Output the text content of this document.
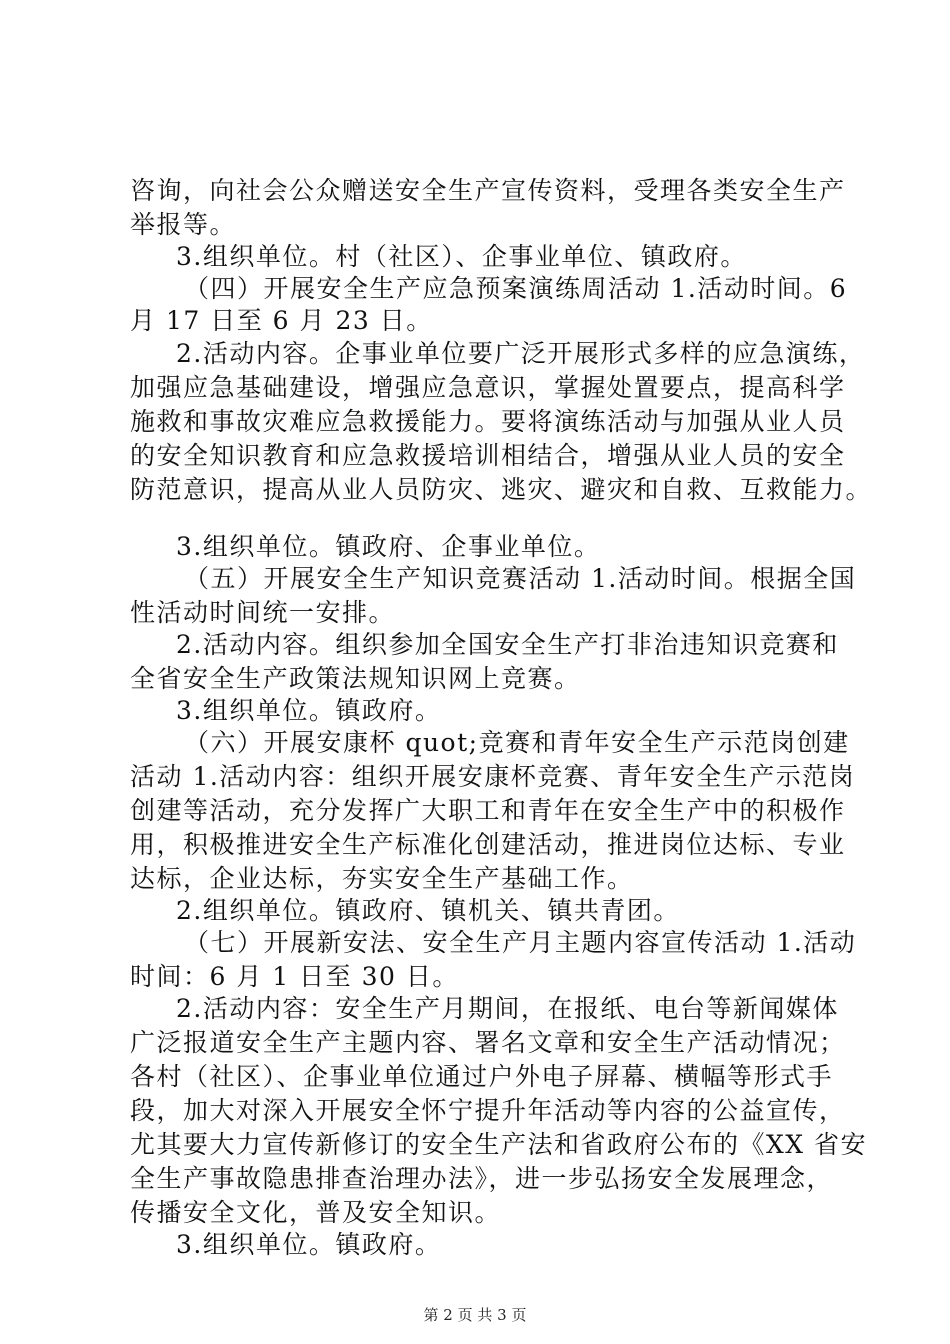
咨询，向社会公众赠送安全生产宣传资料，受理各类安全生产
举报等。
3.组织单位。村（社区）、企事业单位、镇政府。
（四）开展安全生产应急预案演练周活动 1.活动时间。6
月 17 日至 6 月 23 日。
2.活动内容。企事业单位要广泛开展形式多样的应急演练，
加强应急基础建设，增强应急意识，掌握处置要点，提高科学
施救和事故灾难应急救援能力。要将演练活动与加强从业人员
的安全知识教育和应急救援培训相结合，增强从业人员的安全
防范意识，提高从业人员防灾、逃灾、避灾和自救、互救能力。
3.组织单位。镇政府、企事业单位。
（五）开展安全生产知识竞赛活动 1.活动时间。根据全国
性活动时间统一安排。
2.活动内容。组织参加全国安全生产打非治违知识竞赛和
全省安全生产政策法规知识网上竞赛。
3.组织单位。镇政府。
（六）开展安康杯 quot;竞赛和青年安全生产示范岗创建
活动 1.活动内容：组织开展安康杯竞赛、青年安全生产示范岗
创建等活动，充分发挥广大职工和青年在安全生产中的积极作
用，积极推进安全生产标准化创建活动，推进岗位达标、专业
达标，企业达标，夯实安全生产基础工作。
2.组织单位。镇政府、镇机关、镇共青团。
（七）开展新安法、安全生产月主题内容宣传活动 1.活动
时间：6 月 1 日至 30 日。
2.活动内容：安全生产月期间，在报纸、电台等新闻媒体
广泛报道安全生产主题内容、署名文章和安全生产活动情况；
各村（社区）、企事业单位通过户外电子屏幕、横幅等形式手
段，加大对深入开展安全怀宁提升年活动等内容的公益宣传，
尤其要大力宣传新修订的安全生产法和省政府公布的《XX 省安
全生产事故隐患排查治理办法》，进一步弘扬安全发展理念，
传播安全文化，普及安全知识。
3.组织单位。镇政府。
第 2 页 共 3 页
